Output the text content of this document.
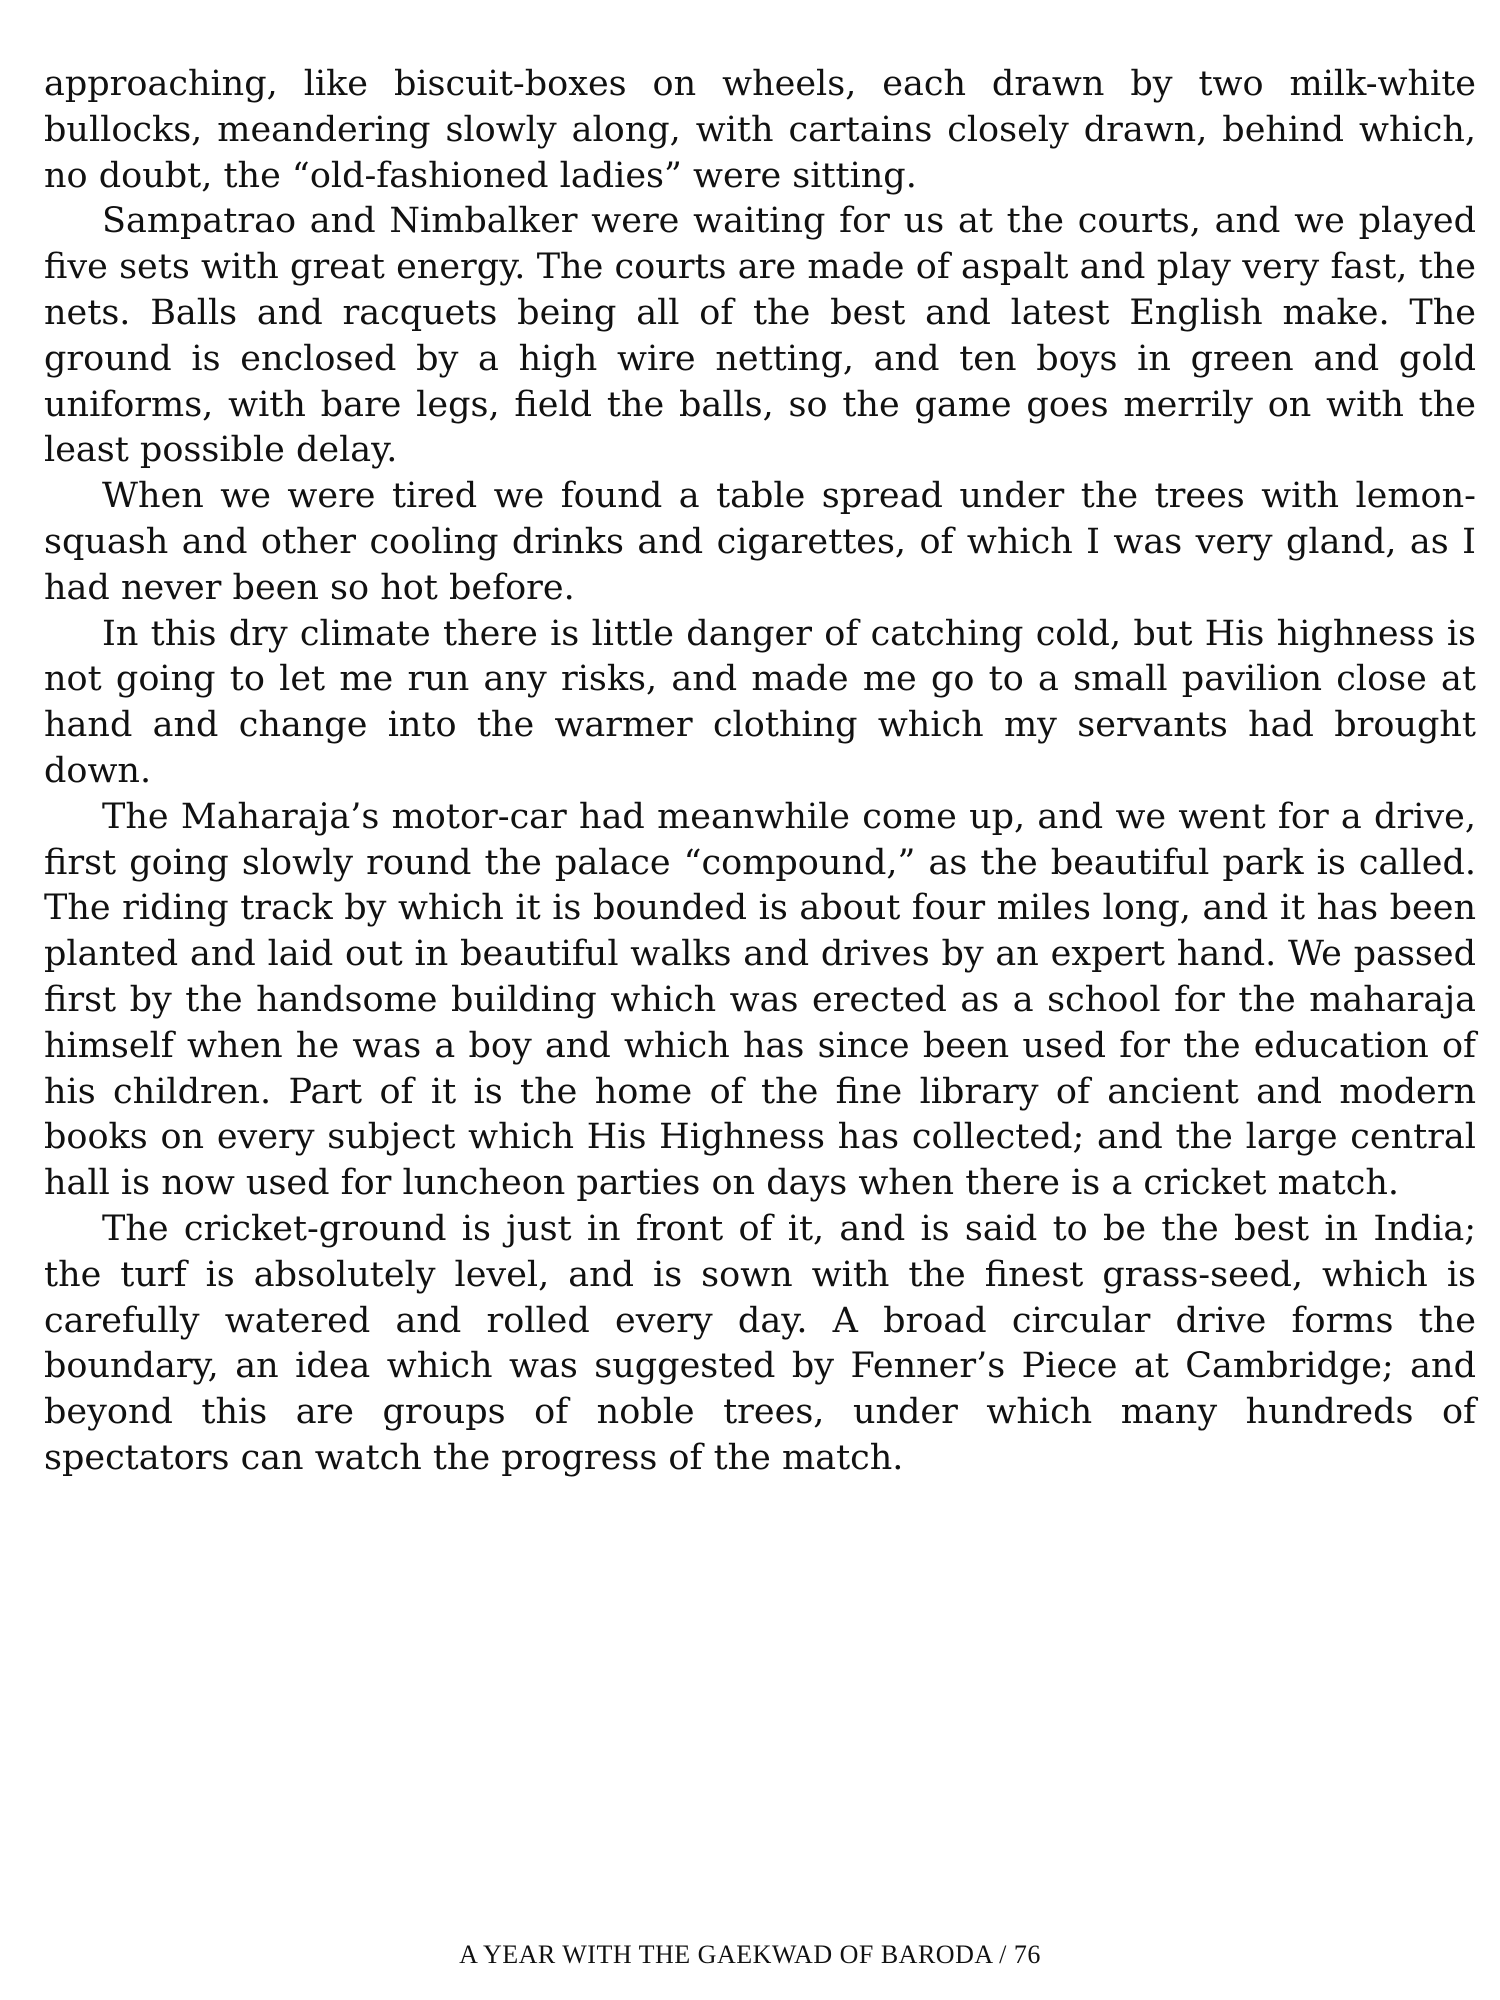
approaching, like biscuit-boxes on wheels, each drawn by two milk-white bullocks, meandering slowly along, with cartains closely drawn, behind which, no doubt, the “old-fashioned ladies” were sitting.

Sampatrao and Nimbalker were waiting for us at the courts, and we played five sets with great energy. The courts are made of aspalt and play very fast, the nets. Balls and racquets being all of the best and latest English make. The ground is enclosed by a high wire netting, and ten boys in green and gold uniforms, with bare legs, field the balls, so the game goes merrily on with the least possible delay.

When we were tired we found a table spread under the trees with lemon-squash and other cooling drinks and cigarettes, of which I was very gland, as I had never been so hot before.

In this dry climate there is little danger of catching cold, but His highness is not going to let me run any risks, and made me go to a small pavilion close at hand and change into the warmer clothing which my servants had brought down.

The Maharaja’s motor-car had meanwhile come up, and we went for a drive, first going slowly round the palace “compound,” as the beautiful park is called. The riding track by which it is bounded is about four miles long, and it has been planted and laid out in beautiful walks and drives by an expert hand. We passed first by the handsome building which was erected as a school for the maharaja himself when he was a boy and which has since been used for the education of his children. Part of it is the home of the fine library of ancient and modern books on every subject which His Highness has collected; and the large central hall is now used for luncheon parties on days when there is a cricket match.

The cricket-ground is just in front of it, and is said to be the best in India; the turf is absolutely level, and is sown with the finest grass-seed, which is carefully watered and rolled every day. A broad circular drive forms the boundary, an idea which was suggested by Fenner’s Piece at Cambridge; and beyond this are groups of noble trees, under which many hundreds of spectators can watch the progress of the match.

A YEAR WITH THE GAEKWAD OF BARODA / 76
